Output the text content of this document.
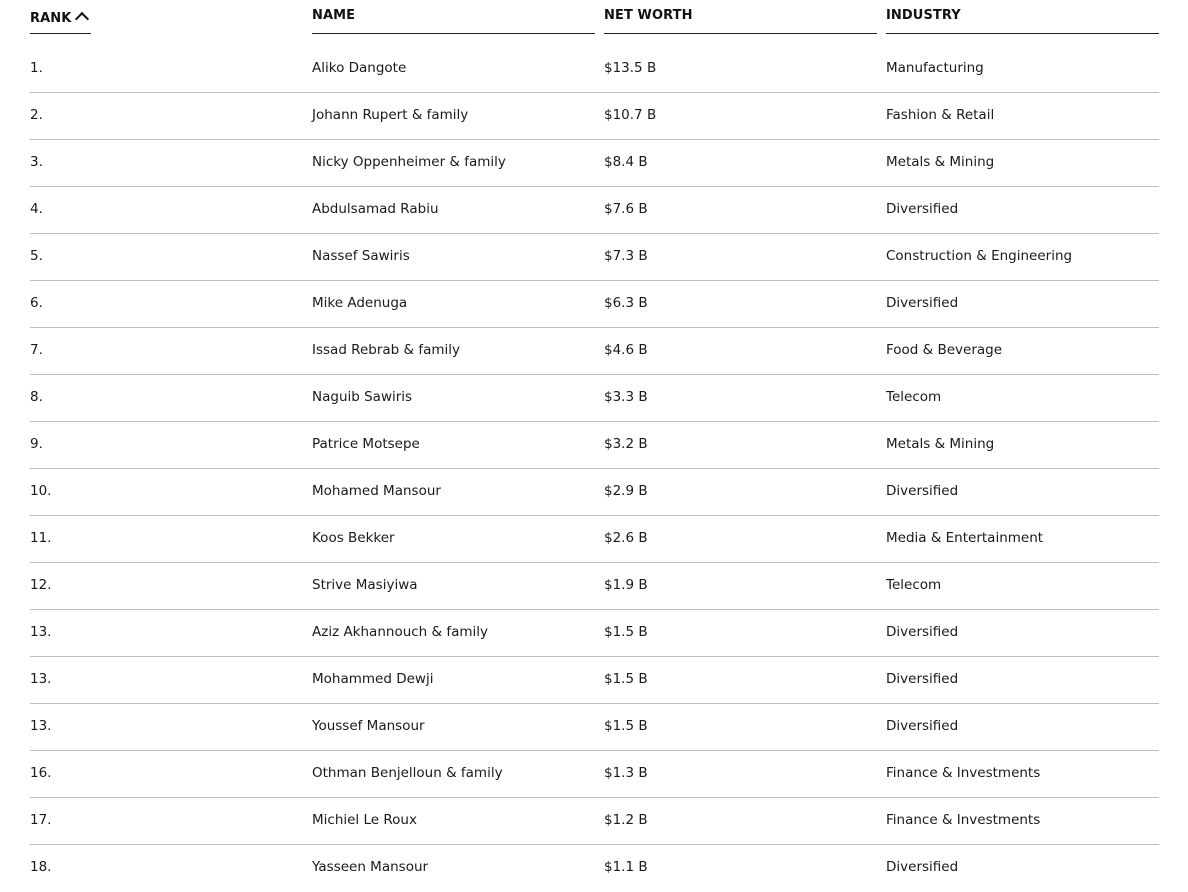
RANK	NAME	NET WORTH	INDUSTRY
1.	Aliko Dangote	$13.5 B	Manufacturing
2.	Johann Rupert & family	$10.7 B	Fashion & Retail
3.	Nicky Oppenheimer & family	$8.4 B	Metals & Mining
4.	Abdulsamad Rabiu	$7.6 B	Diversified
5.	Nassef Sawiris	$7.3 B	Construction & Engineering
6.	Mike Adenuga	$6.3 B	Diversified
7.	Issad Rebrab & family	$4.6 B	Food & Beverage
8.	Naguib Sawiris	$3.3 B	Telecom
9.	Patrice Motsepe	$3.2 B	Metals & Mining
10.	Mohamed Mansour	$2.9 B	Diversified
11.	Koos Bekker	$2.6 B	Media & Entertainment
12.	Strive Masiyiwa	$1.9 B	Telecom
13.	Aziz Akhannouch & family	$1.5 B	Diversified
13.	Mohammed Dewji	$1.5 B	Diversified
13.	Youssef Mansour	$1.5 B	Diversified
16.	Othman Benjelloun & family	$1.3 B	Finance & Investments
17.	Michiel Le Roux	$1.2 B	Finance & Investments
18.	Yasseen Mansour	$1.1 B	Diversified
